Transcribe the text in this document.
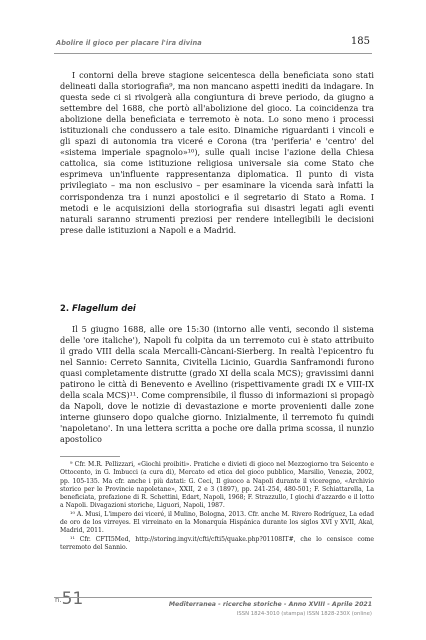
Abolire il gioco per placare l'ira divina	185

I contorni della breve stagione seicentesca della beneficiata sono stati delineati dalla storiografia⁹, ma non mancano aspetti inediti da indagare. In questa sede ci si rivolgerà alla congiuntura di breve periodo, da giugno a settembre del 1688, che portò all'abolizione del gioco. La coincidenza tra abolizione della beneficiata e terremoto è nota. Lo sono meno i processi istituzionali che condussero a tale esito. Dinamiche riguardanti i vincoli e gli spazi di autonomia tra viceré e Corona (tra 'periferia' e 'centro' del «sistema imperiale spagnolo»¹⁰), sulle quali incise l'azione della Chiesa cattolica, sia come istituzione religiosa universale sia come Stato che esprimeva un'influente rappresentanza diplomatica. Il punto di vista privilegiato – ma non esclusivo – per esaminare la vicenda sarà infatti la corrispondenza tra i nunzi apostolici e il segretario di Stato a Roma. I metodi e le acquisizioni della storiografia sui disastri legati agli eventi naturali saranno strumenti preziosi per rendere intellegibili le decisioni prese dalle istituzioni a Napoli e a Madrid.

2. Flagellum dei

Il 5 giugno 1688, alle ore 15:30 (intorno alle venti, secondo il sistema delle 'ore italiche'), Napoli fu colpita da un terremoto cui è stato attribuito il grado VIII della scala Mercalli-Càncani-Sierberg. In realtà l'epicentro fu nel Sannio: Cerreto Sannita, Civitella Licinio, Guardia Sanframondi furono quasi completamente distrutte (grado XI della scala MCS); gravissimi danni patirono le città di Benevento e Avellino (rispettivamente gradi IX e VIII-IX della scala MCS)¹¹. Come comprensibile, il flusso di informazioni si propagò da Napoli, dove le notizie di devastazione e morte provenienti dalle zone interne giunsero dopo qualche giorno. Inizialmente, il terremoto fu quindi 'napoletano'. In una lettera scritta a poche ore dalla prima scossa, il nunzio apostolico

⁹ Cfr. M.R. Pellizzari, «Giochi proibiti». Pratiche e divieti di gioco nel Mezzogiorno tra Seicento e Ottocento, in G. Imbucci (a cura di), Mercato ed etica del gioco pubblico, Marsilio, Venezia, 2002, pp. 105-135. Ma cfr. anche i più datati: G. Ceci, Il giuoco a Napoli durante il viceregno, «Archivio storico per le Provincie napoletane», XXII, 2 e 3 (1897), pp. 241-254, 480-501; F. Schiattarella, La beneficiata, prefazione di R. Schettini, Edart, Napoli, 1968; F. Strazzullo, I giochi d'azzardo e il lotto a Napoli. Divagazioni storiche, Liguori, Napoli, 1987.

¹⁰ A. Musi, L'impero dei viceré, il Mulino, Bologna, 2013. Cfr. anche M. Rivero Rodríguez, La edad de oro de los virreyes. El virreinato en la Monarquía Hispánica durante los siglos XVI y XVII, Akal, Madrid, 2011.

¹¹ Cfr. CFTI5Med, http://storing.ingv.it/cfti/cfti5/quake.php?01108IT#, che lo censisce come terremoto del Sannio.

n.51	Mediterranea - ricerche storiche - Anno XVIII - Aprile 2021
ISSN 1824-3010 (stampa) ISSN 1828-230X (online)
